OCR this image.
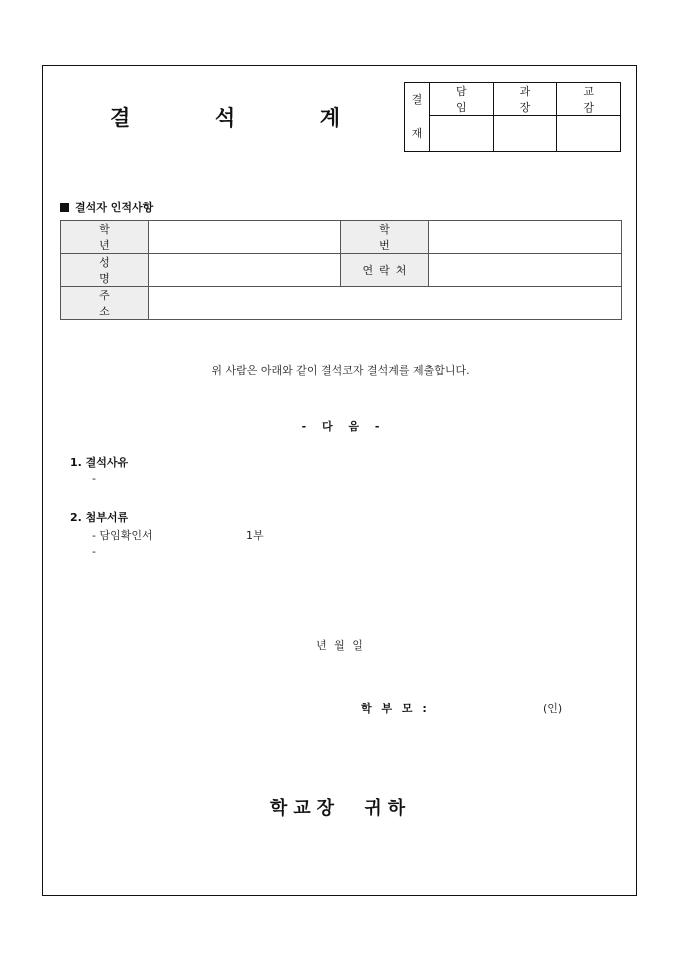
결	석	계
결
재	담임	과장	교감

결석자 인적사항
학년		학번	
성명		연락처	
주소			
위 사람은 아래와 같이 결석코자 결석계를 제출합니다.
- 다 음 -
1. 결석사유
-
2. 첨부서류
- 담임확인서	1부
-
년 월 일
학 부 모 :	(인)
학교장 귀하
